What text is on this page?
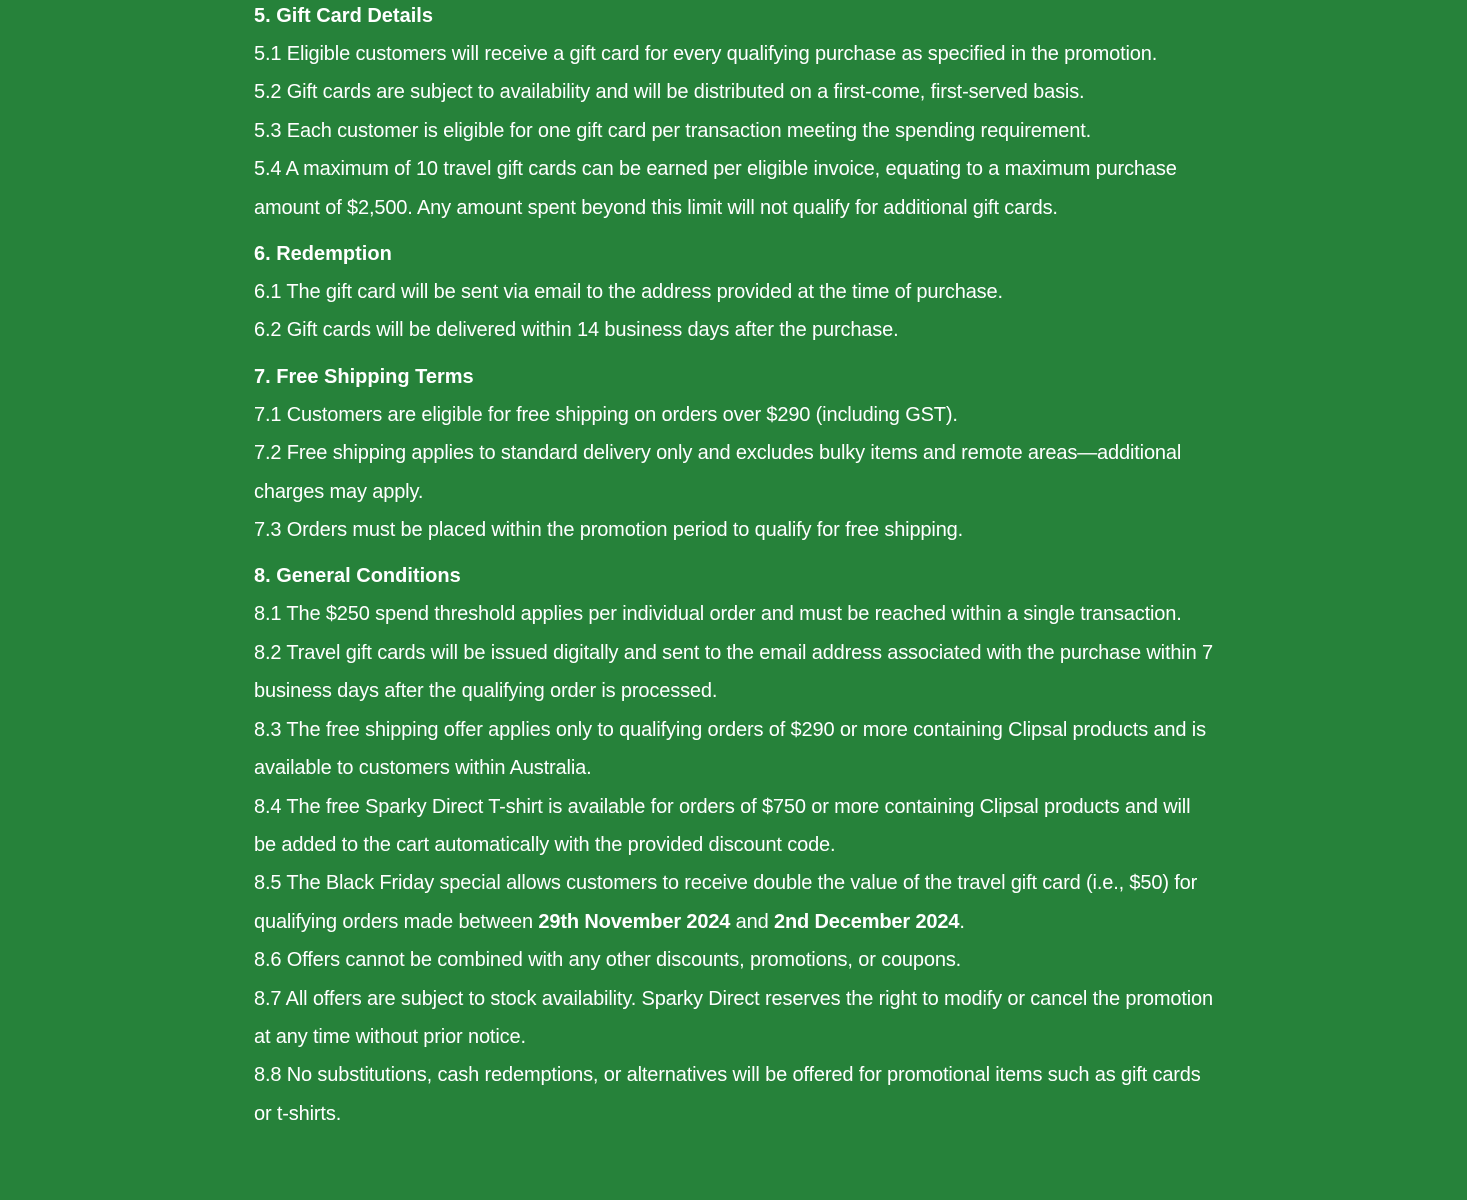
5. Gift Card Details

5.1 Eligible customers will receive a gift card for every qualifying purchase as specified in the promotion.

5.2 Gift cards are subject to availability and will be distributed on a first-come, first-served basis.

5.3 Each customer is eligible for one gift card per transaction meeting the spending requirement.

5.4 A maximum of 10 travel gift cards can be earned per eligible invoice, equating to a maximum purchase amount of $2,500. Any amount spent beyond this limit will not qualify for additional gift cards.

6. Redemption

6.1 The gift card will be sent via email to the address provided at the time of purchase.

6.2 Gift cards will be delivered within 14 business days after the purchase.

7. Free Shipping Terms

7.1 Customers are eligible for free shipping on orders over $290 (including GST).

7.2 Free shipping applies to standard delivery only and excludes bulky items and remote areas—additional charges may apply.

7.3 Orders must be placed within the promotion period to qualify for free shipping.

8. General Conditions

8.1 The $250 spend threshold applies per individual order and must be reached within a single transaction.

8.2 Travel gift cards will be issued digitally and sent to the email address associated with the purchase within 7 business days after the qualifying order is processed.

8.3 The free shipping offer applies only to qualifying orders of $290 or more containing Clipsal products and is available to customers within Australia.

8.4 The free Sparky Direct T-shirt is available for orders of $750 or more containing Clipsal products and will be added to the cart automatically with the provided discount code.

8.5 The Black Friday special allows customers to receive double the value of the travel gift card (i.e., $50) for qualifying orders made between 29th November 2024 and 2nd December 2024.

8.6 Offers cannot be combined with any other discounts, promotions, or coupons.

8.7 All offers are subject to stock availability. Sparky Direct reserves the right to modify or cancel the promotion at any time without prior notice.

8.8 No substitutions, cash redemptions, or alternatives will be offered for promotional items such as gift cards or t-shirts.
